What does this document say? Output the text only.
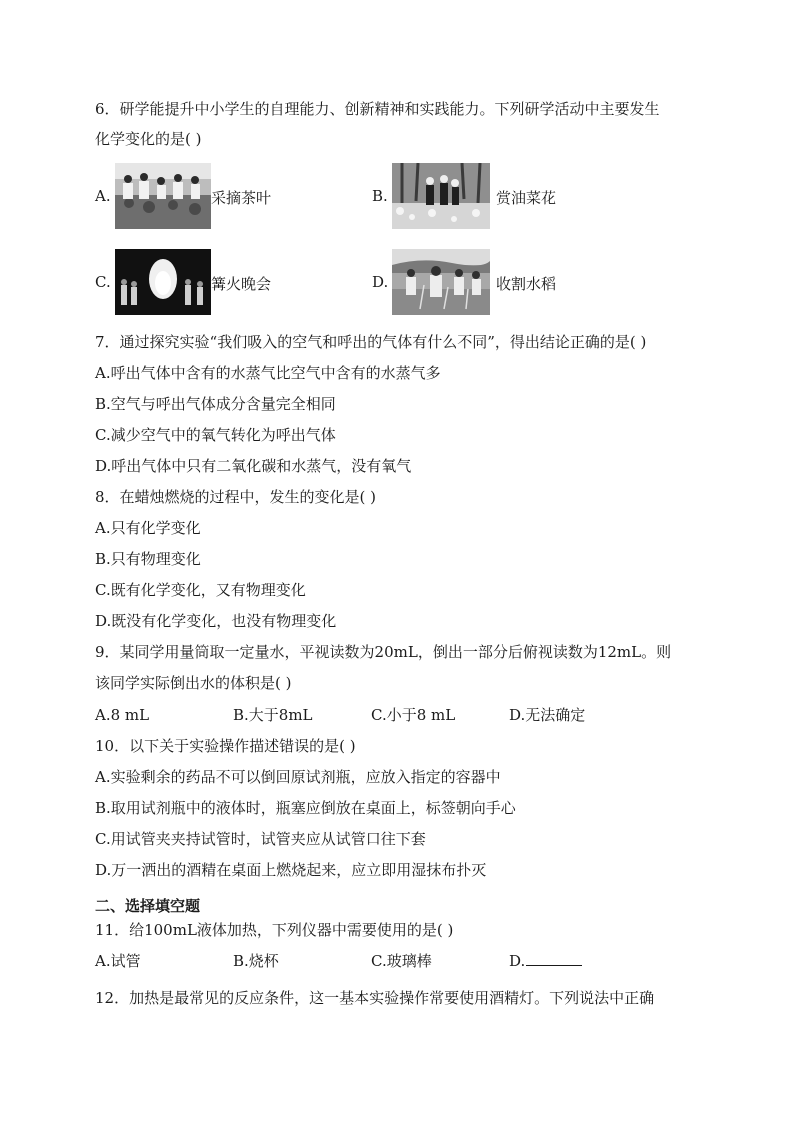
6．研学能提升中小学生的自理能力、创新精神和实践能力。下列研学活动中主要发生
化学变化的是( )
A.	采摘茶叶	B.	赏油菜花
C.	篝火晚会	D.	收割水稻
7．通过探究实验“我们吸入的空气和呼出的气体有什么不同”，得出结论正确的是( )
A.呼出气体中含有的水蒸气比空气中含有的水蒸气多
B.空气与呼出气体成分含量完全相同
C.减少空气中的氧气转化为呼出气体
D.呼出气体中只有二氧化碳和水蒸气，没有氧气
8．在蜡烛燃烧的过程中，发生的变化是( )
A.只有化学变化
B.只有物理变化
C.既有化学变化，又有物理变化
D.既没有化学变化，也没有物理变化
9．某同学用量筒取一定量水，平视读数为20mL，倒出一部分后俯视读数为12mL。则
该同学实际倒出水的体积是( )
A.8 mL	B.大于8mL	C.小于8 mL	D.无法确定
10．以下关于实验操作描述错误的是( )
A.实验剩余的药品不可以倒回原试剂瓶，应放入指定的容器中
B.取用试剂瓶中的液体时，瓶塞应倒放在桌面上，标签朝向手心
C.用试管夹夹持试管时，试管夹应从试管口往下套
D.万一洒出的酒精在桌面上燃烧起来，应立即用湿抹布扑灭
二、选择填空题
11．给100mL液体加热，下列仪器中需要使用的是( )
A.试管	B.烧杯	C.玻璃棒	D.
12．加热是最常见的反应条件，这一基本实验操作常要使用酒精灯。下列说法中正确
